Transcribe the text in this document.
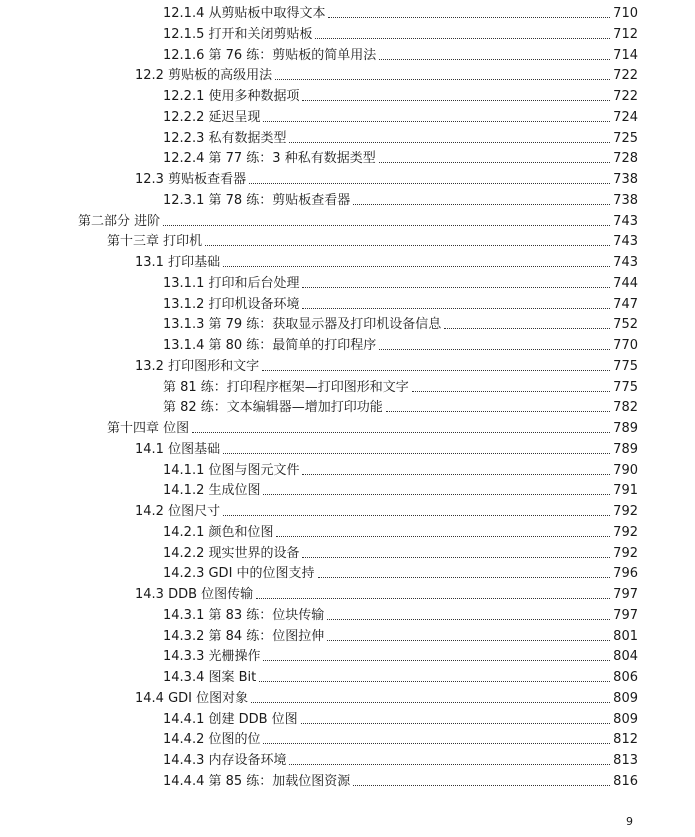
12.1.4 从剪贴板中取得文本	710
12.1.5 打开和关闭剪贴板	712
12.1.6 第 76 练：剪贴板的简单用法	714
12.2 剪贴板的高级用法	722
12.2.1 使用多种数据项	722
12.2.2 延迟呈现	724
12.2.3 私有数据类型	725
12.2.4 第 77 练：3 种私有数据类型	728
12.3 剪贴板查看器	738
12.3.1 第 78 练：剪贴板查看器	738
第二部分 进阶	743
第十三章 打印机	743
13.1 打印基础	743
13.1.1 打印和后台处理	744
13.1.2 打印机设备环境	747
13.1.3 第 79 练：获取显示器及打印机设备信息	752
13.1.4 第 80 练：最简单的打印程序	770
13.2 打印图形和文字	775
第 81 练：打印程序框架—打印图形和文字	775
第 82 练：文本编辑器—增加打印功能	782
第十四章 位图	789
14.1 位图基础	789
14.1.1 位图与图元文件	790
14.1.2 生成位图	791
14.2 位图尺寸	792
14.2.1 颜色和位图	792
14.2.2 现实世界的设备	792
14.2.3 GDI 中的位图支持	796
14.3 DDB 位图传输	797
14.3.1 第 83 练：位块传输	797
14.3.2 第 84 练：位图拉伸	801
14.3.3 光栅操作	804
14.3.4 图案 Bit	806
14.4 GDI 位图对象	809
14.4.1 创建 DDB 位图	809
14.4.2 位图的位	812
14.4.3 内存设备环境	813
14.4.4 第 85 练：加载位图资源	816
9
